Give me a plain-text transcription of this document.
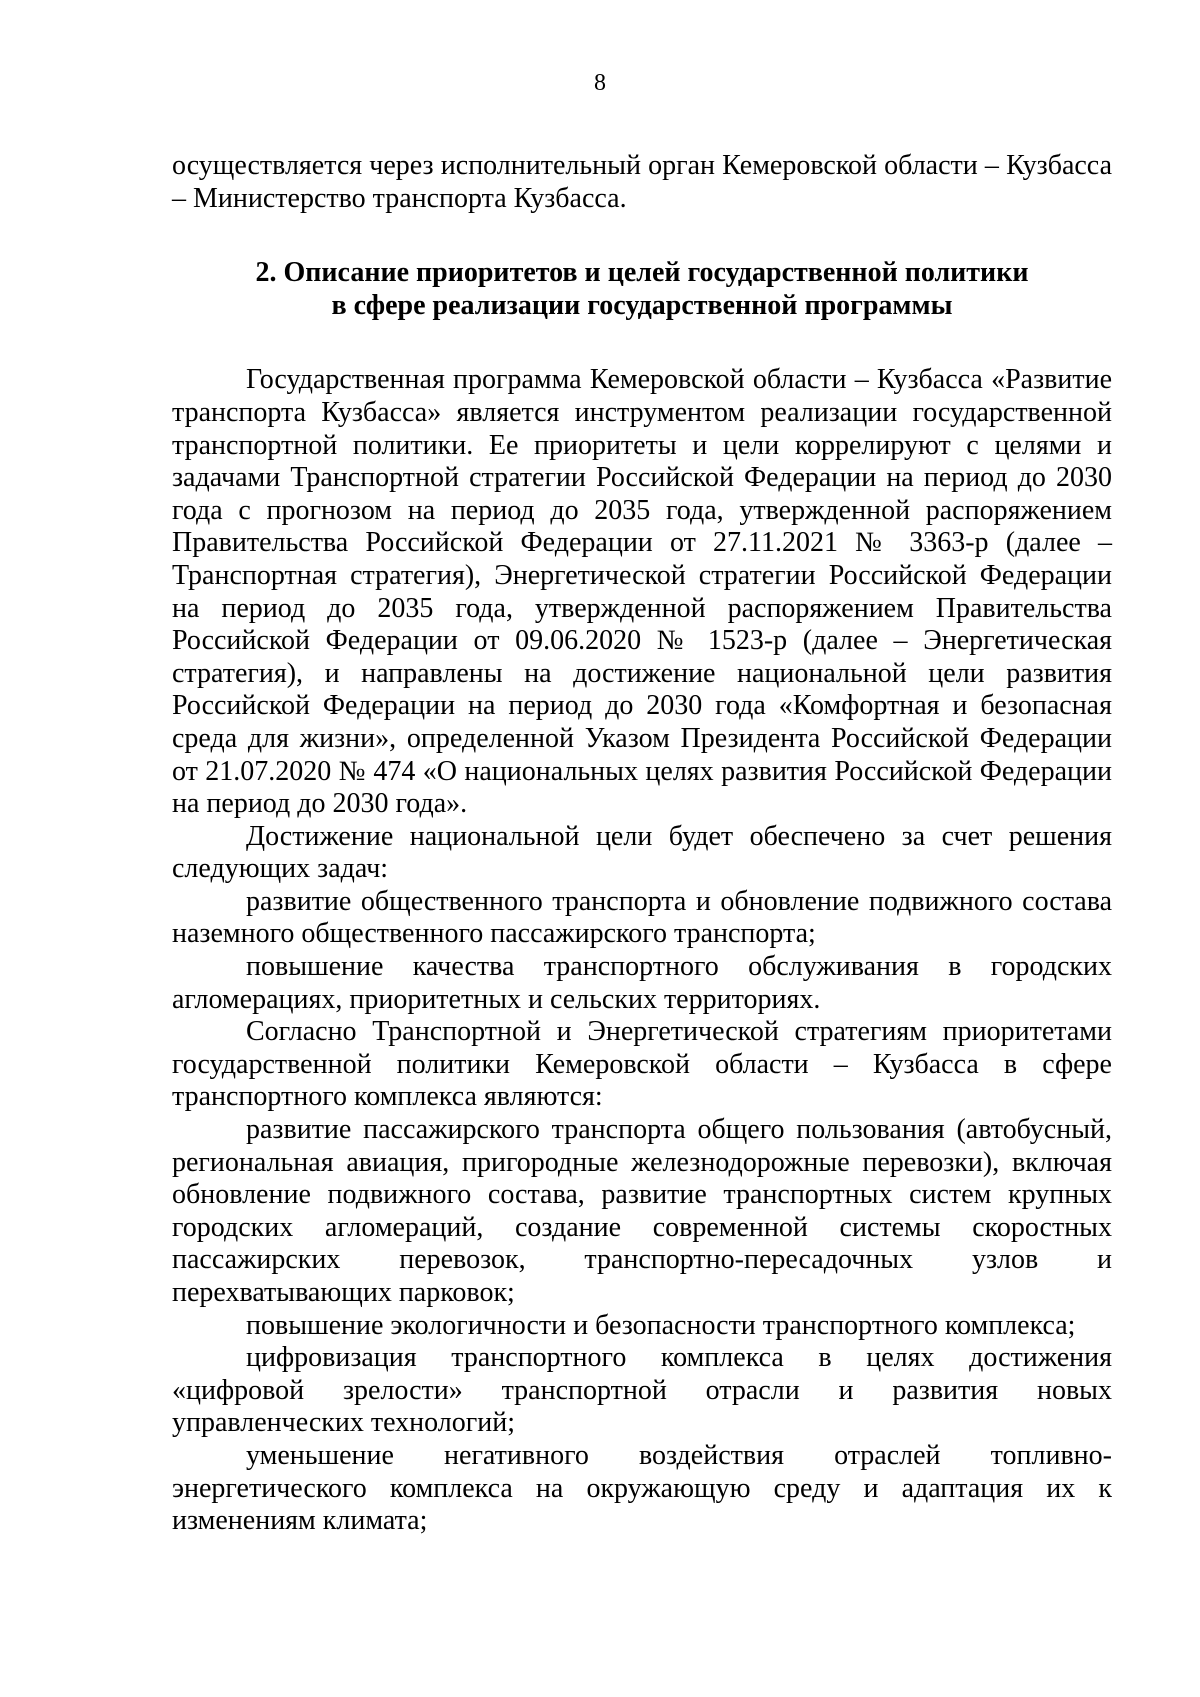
8

осуществляется через исполнительный орган Кемеровской области – Кузбасса – Министерство транспорта Кузбасса.

2. Описание приоритетов и целей государственной политики
в сфере реализации государственной программы

Государственная программа Кемеровской области – Кузбасса «Развитие транспорта Кузбасса» является инструментом реализации государственной транспортной политики. Ее приоритеты и цели коррелируют с целями и задачами Транспортной стратегии Российской Федерации на период до 2030 года с прогнозом на период до 2035 года, утвержденной распоряжением Правительства Российской Федерации от 27.11.2021 № 3363-р (далее – Транспортная стратегия), Энергетической стратегии Российской Федерации на период до 2035 года, утвержденной распоряжением Правительства Российской Федерации от 09.06.2020 № 1523-р (далее – Энергетическая стратегия), и направлены на достижение национальной цели развития Российской Федерации на период до 2030 года «Комфортная и безопасная среда для жизни», определенной Указом Президента Российской Федерации от 21.07.2020 № 474 «О национальных целях развития Российской Федерации на период до 2030 года».

Достижение национальной цели будет обеспечено за счет решения следующих задач:

развитие общественного транспорта и обновление подвижного состава наземного общественного пассажирского транспорта;

повышение качества транспортного обслуживания в городских агломерациях, приоритетных и сельских территориях.

Согласно Транспортной и Энергетической стратегиям приоритетами государственной политики Кемеровской области – Кузбасса в сфере транспортного комплекса являются:

развитие пассажирского транспорта общего пользования (автобусный, региональная авиация, пригородные железнодорожные перевозки), включая обновление подвижного состава, развитие транспортных систем крупных городских агломераций, создание современной системы скоростных пассажирских перевозок, транспортно-пересадочных узлов и перехватывающих парковок;

повышение экологичности и безопасности транспортного комплекса;

цифровизация транспортного комплекса в целях достижения «цифровой зрелости» транспортной отрасли и развития новых управленческих технологий;

уменьшение негативного воздействия отраслей топливно-энергетического комплекса на окружающую среду и адаптация их к изменениям климата;
